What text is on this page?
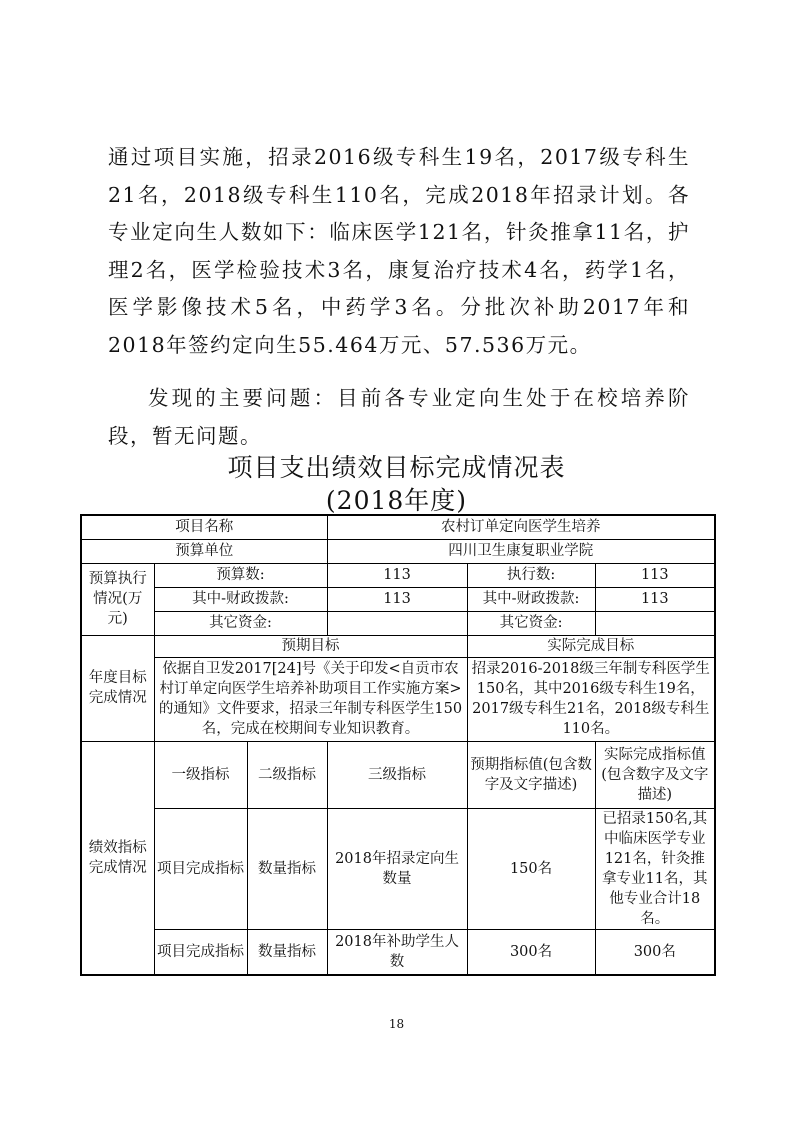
通过项目实施，招录2016级专科生19名，2017级专科生21名，2018级专科生110名，完成2018年招录计划。各专业定向生人数如下：临床医学121名，针灸推拿11名，护理2名，医学检验技术3名，康复治疗技术4名，药学1名，医学影像技术5名，中药学3名。分批次补助2017年和2018年签约定向生55.464万元、57.536万元。

发现的主要问题：目前各专业定向生处于在校培养阶段，暂无问题。

项目支出绩效目标完成情况表
(2018年度)
项目名称			农村订单定向医学生培养		
预算单位			四川卫生康复职业学院		
预算执行情况(万元)	预算数:		113	执行数:	113
	其中-财政拨款:		113	其中-财政拨款:	113
	其它资金:			其它资金:	
年度目标完成情况	预期目标			实际完成目标	
	依据自卫发2017[24]号《关于印发<自贡市农村订单定向医学生培养补助项目工作实施方案>的通知》文件要求，招录三年制专科医学生150名，完成在校期间专业知识教育。			招录2016-2018级三年制专科医学生150名，其中2016级专科生19名，2017级专科生21名，2018级专科生110名。	
绩效指标完成情况	一级指标	二级指标	三级指标	预期指标值(包含数字及文字描述)	实际完成指标值(包含数字及文字描述)
	项目完成指标	数量指标	2018年招录定向生数量	150名	已招录150名,其中临床医学专业121名，针灸推拿专业11名，其他专业合计18名。
	项目完成指标	数量指标	2018年补助学生人数	300名	300名
18
